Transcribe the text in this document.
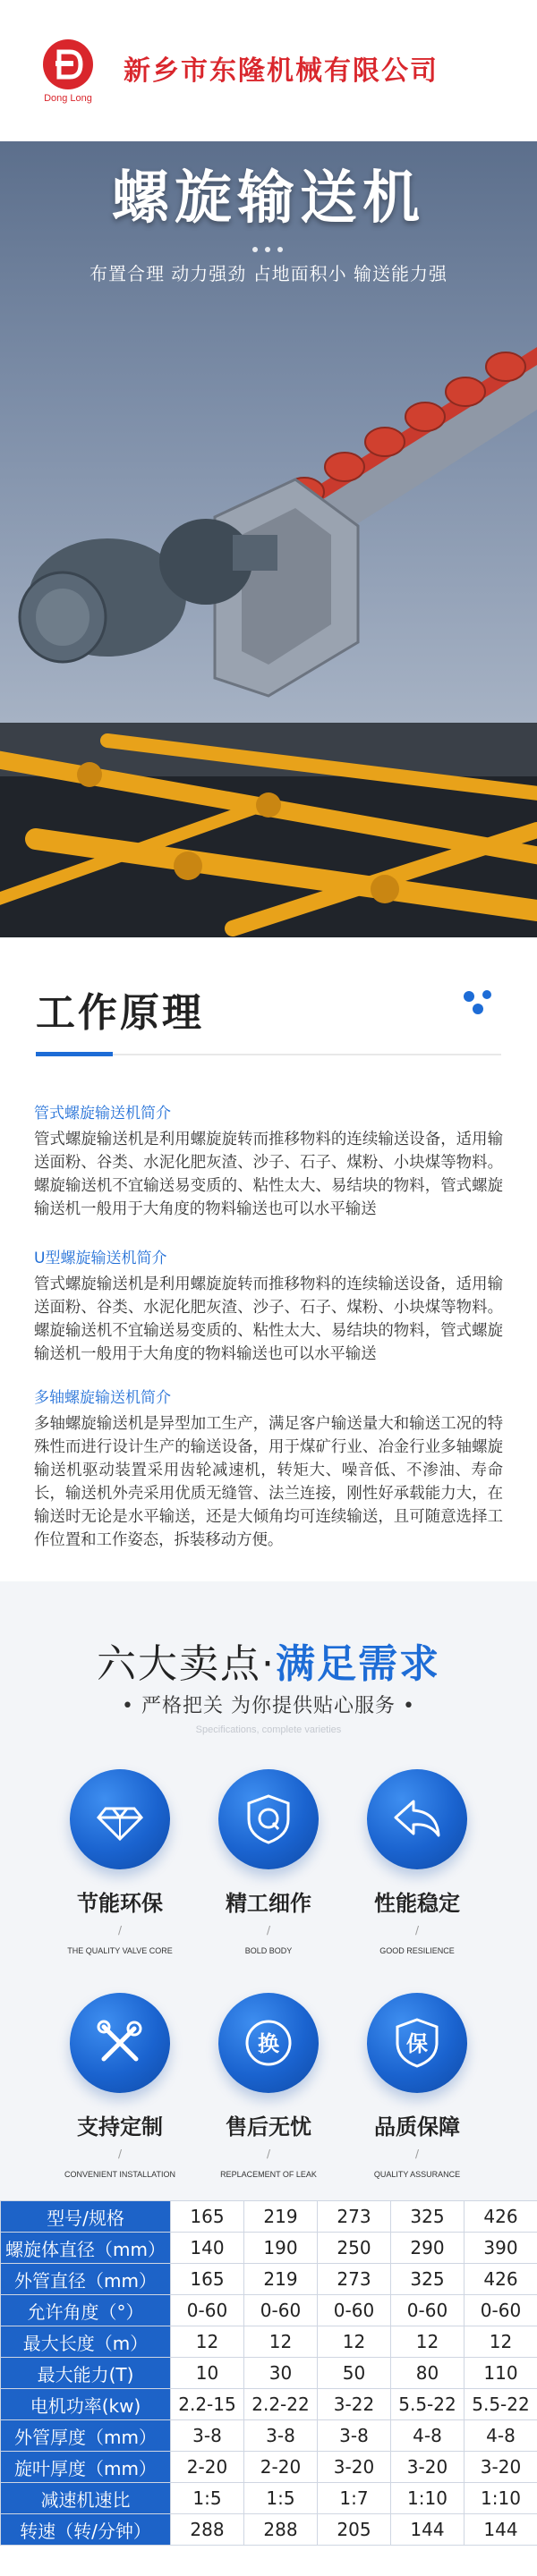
Dong Long
新乡市东隆机械有限公司
螺旋输送机
布置合理 动力强劲 占地面积小 输送能力强
工作原理
管式螺旋输送机简介
管式螺旋输送机是利用螺旋旋转而推移物料的连续输送设备，适用输送面粉、谷类、水泥化肥灰渣、沙子、石子、煤粉、小块煤等物料。螺旋输送机不宜输送易变质的、粘性太大、易结块的物料，管式螺旋输送机一般用于大角度的物料输送也可以水平输送
U型螺旋输送机简介
管式螺旋输送机是利用螺旋旋转而推移物料的连续输送设备，适用输送面粉、谷类、水泥化肥灰渣、沙子、石子、煤粉、小块煤等物料。螺旋输送机不宜输送易变质的、粘性太大、易结块的物料，管式螺旋输送机一般用于大角度的物料输送也可以水平输送
多轴螺旋输送机简介
多轴螺旋输送机是异型加工生产，满足客户输送量大和输送工况的特殊性而进行设计生产的输送设备，用于煤矿行业、冶金行业多轴螺旋输送机驱动装置采用齿轮减速机，转矩大、噪音低、不渗油、寿命长，输送机外壳采用优质无缝管、法兰连接，刚性好承载能力大，在输送时无论是水平输送，还是大倾角均可连续输送，且可随意选择工作位置和工作姿态，拆装移动方便。
六大卖点·满足需求
• 严格把关 为你提供贴心服务 •
Specifications, complete varieties
节能环保
/
THE QUALITY VALVE CORE
精工细作
/
BOLD BODY
性能稳定
/
GOOD RESILIENCE
支持定制
/
CONVENIENT INSTALLATION
换
售后无忧
/
REPLACEMENT OF LEAK
保
品质保障
/
QUALITY ASSURANCE
型号/规格	165	219	273	325	426
螺旋体直径（mm）	140	190	250	290	390
外管直径（mm）	165	219	273	325	426
允许角度（°）	0-60	0-60	0-60	0-60	0-60
最大长度（m）	12	12	12	12	12
最大能力(T)	10	30	50	80	110
电机功率(kw)	2.2-15	2.2-22	3-22	5.5-22	5.5-22
外管厚度（mm）	3-8	3-8	3-8	4-8	4-8
旋叶厚度（mm）	2-20	2-20	3-20	3-20	3-20
减速机速比	1:5	1:5	1:7	1:10	1:10
转速（转/分钟）	288	288	205	144	144
